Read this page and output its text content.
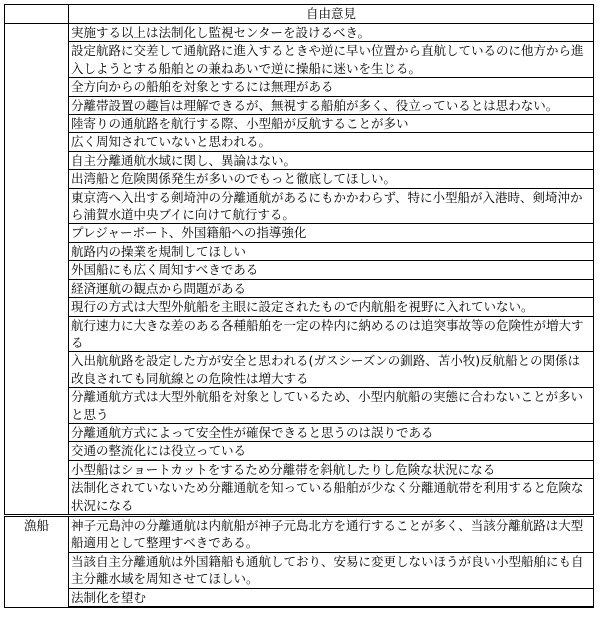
	自由意見
	実施する以上は法制化し監視センターを設けるべき。
	設定航路に交差して通航路に進入するときや逆に早い位置から直航しているのに他方から進入しようとする船舶との兼ねあいで逆に操船に迷いを生じる。
	全方向からの船舶を対象とするには無理がある
	分離帯設置の趣旨は理解できるが、無視する船舶が多く、役立っているとは思わない。
	陸寄りの通航路を航行する際、小型船が反航することが多い
	広く周知されていないと思われる。
	自主分離通航水域に関し、異論はない。
	出湾船と危険関係発生が多いのでもっと徹底してほしい。
	東京湾へ入出する剣埼沖の分離通航があるにもかかわらず、特に小型船が入港時、剣埼沖から浦賀水道中央ブイに向けて航行する。
	プレジャーボート、外国籍船への指導強化
	航路内の操業を規制してほしい
	外国船にも広く周知すべきである
	経済運航の観点から問題がある
	現行の方式は大型外航船を主眼に設定されたもので内航船を視野に入れていない。
	航行速力に大きな差のある各種船舶を一定の枠内に納めるのは追突事故等の危険性が増大する
	入出航航路を設定した方が安全と思われる(ガスシーズンの釧路、苫小牧)反航船との関係は改良されても同航線との危険性は増大する
	分離通航方式は大型外航船を対象としているため、小型内航船の実態に合わないことが多いと思う
	分離通航方式によって安全性が確保できると思うのは誤りである
	交通の整流化には役立っている
	小型船はショートカットをするため分離帯を斜航したりし危険な状況になる
	法制化されていないため分離通航を知っている船舶が少なく分離通航帯を利用すると危険な状況になる
漁船	神子元島沖の分離通航は内航船が神子元島北方を通行することが多く、当該分離航路は大型船適用として整理すべきである。
	当該自主分離通航は外国籍船も通航しており、安易に変更しないほうが良い小型船舶にも自主分離水域を周知させてほしい。
	法制化を望む
